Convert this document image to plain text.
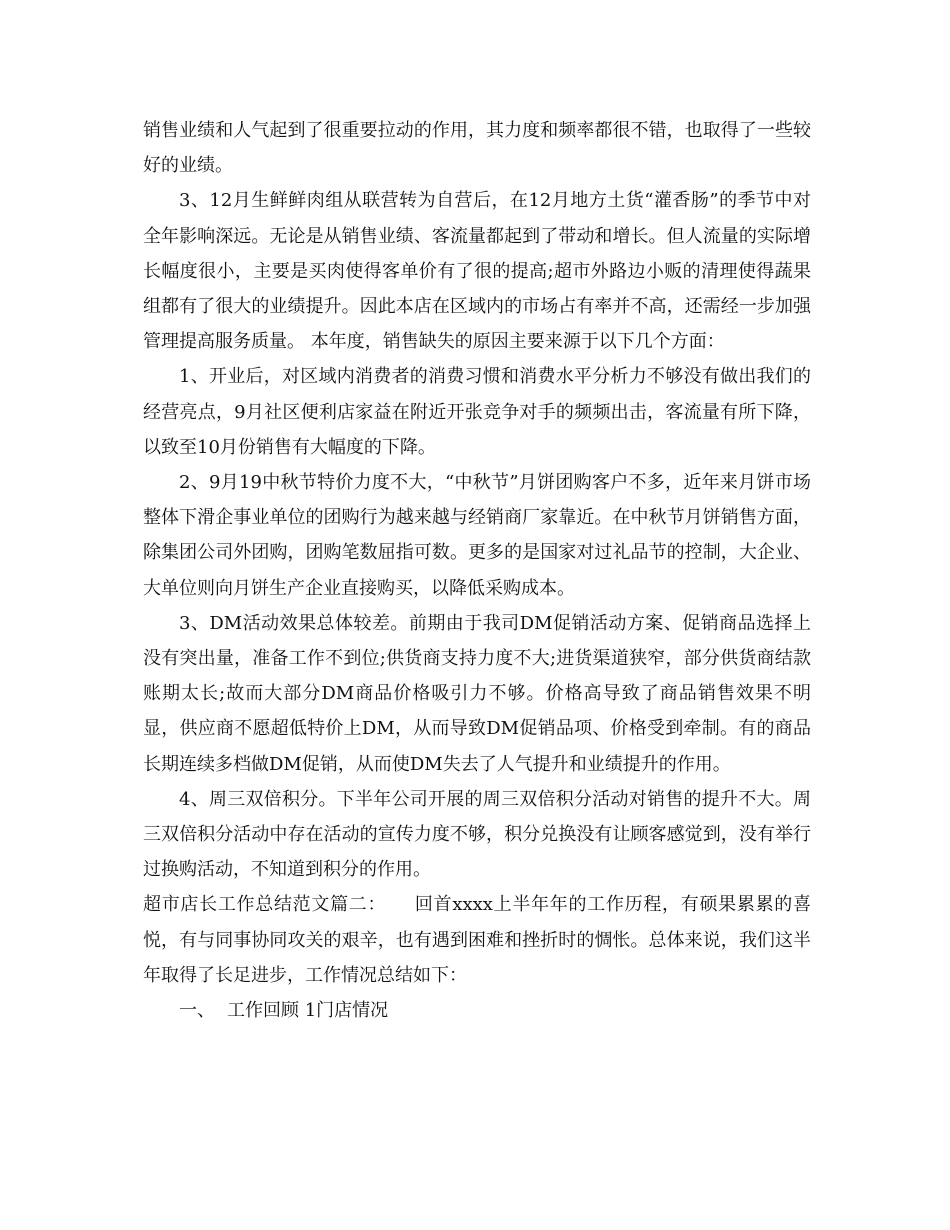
销售业绩和人气起到了很重要拉动的作用，其力度和频率都很不错，也取得了一些较好的业绩。

3、12月生鲜鲜肉组从联营转为自营后，在12月地方土货“灌香肠”的季节中对全年影响深远。无论是从销售业绩、客流量都起到了带动和增长。但人流量的实际增长幅度很小，主要是买肉使得客单价有了很的提高;超市外路边小贩的清理使得蔬果组都有了很大的业绩提升。因此本店在区域内的市场占有率并不高，还需经一步加强管理提高服务质量。 本年度，销售缺失的原因主要来源于以下几个方面：

1、开业后，对区域内消费者的消费习惯和消费水平分析力不够没有做出我们的经营亮点，9月社区便利店家益在附近开张竞争对手的频频出击，客流量有所下降，以致至10月份销售有大幅度的下降。

2、9月19中秋节特价力度不大，“中秋节”月饼团购客户不多，近年来月饼市场整体下滑企事业单位的团购行为越来越与经销商厂家靠近。在中秋节月饼销售方面，除集团公司外团购，团购笔数屈指可数。更多的是国家对过礼品节的控制，大企业、大单位则向月饼生产企业直接购买，以降低采购成本。

3、DM活动效果总体较差。前期由于我司DM促销活动方案、促销商品选择上没有突出量，准备工作不到位;供货商支持力度不大;进货渠道狭窄，部分供货商结款账期太长;故而大部分DM商品价格吸引力不够。价格高导致了商品销售效果不明显，供应商不愿超低特价上DM，从而导致DM促销品项、价格受到牵制。有的商品长期连续多档做DM促销，从而使DM失去了人气提升和业绩提升的作用。

4、周三双倍积分。下半年公司开展的周三双倍积分活动对销售的提升不大。周三双倍积分活动中存在活动的宣传力度不够，积分兑换没有让顾客感觉到，没有举行过换购活动，不知道到积分的作用。

超市店长工作总结范文篇二： 回首xxxx上半年年的工作历程，有硕果累累的喜悦，有与同事协同攻关的艰辛，也有遇到困难和挫折时的惆怅。总体来说，我们这半年取得了长足进步，工作情况总结如下：

一、 工作回顾 1门店情况
